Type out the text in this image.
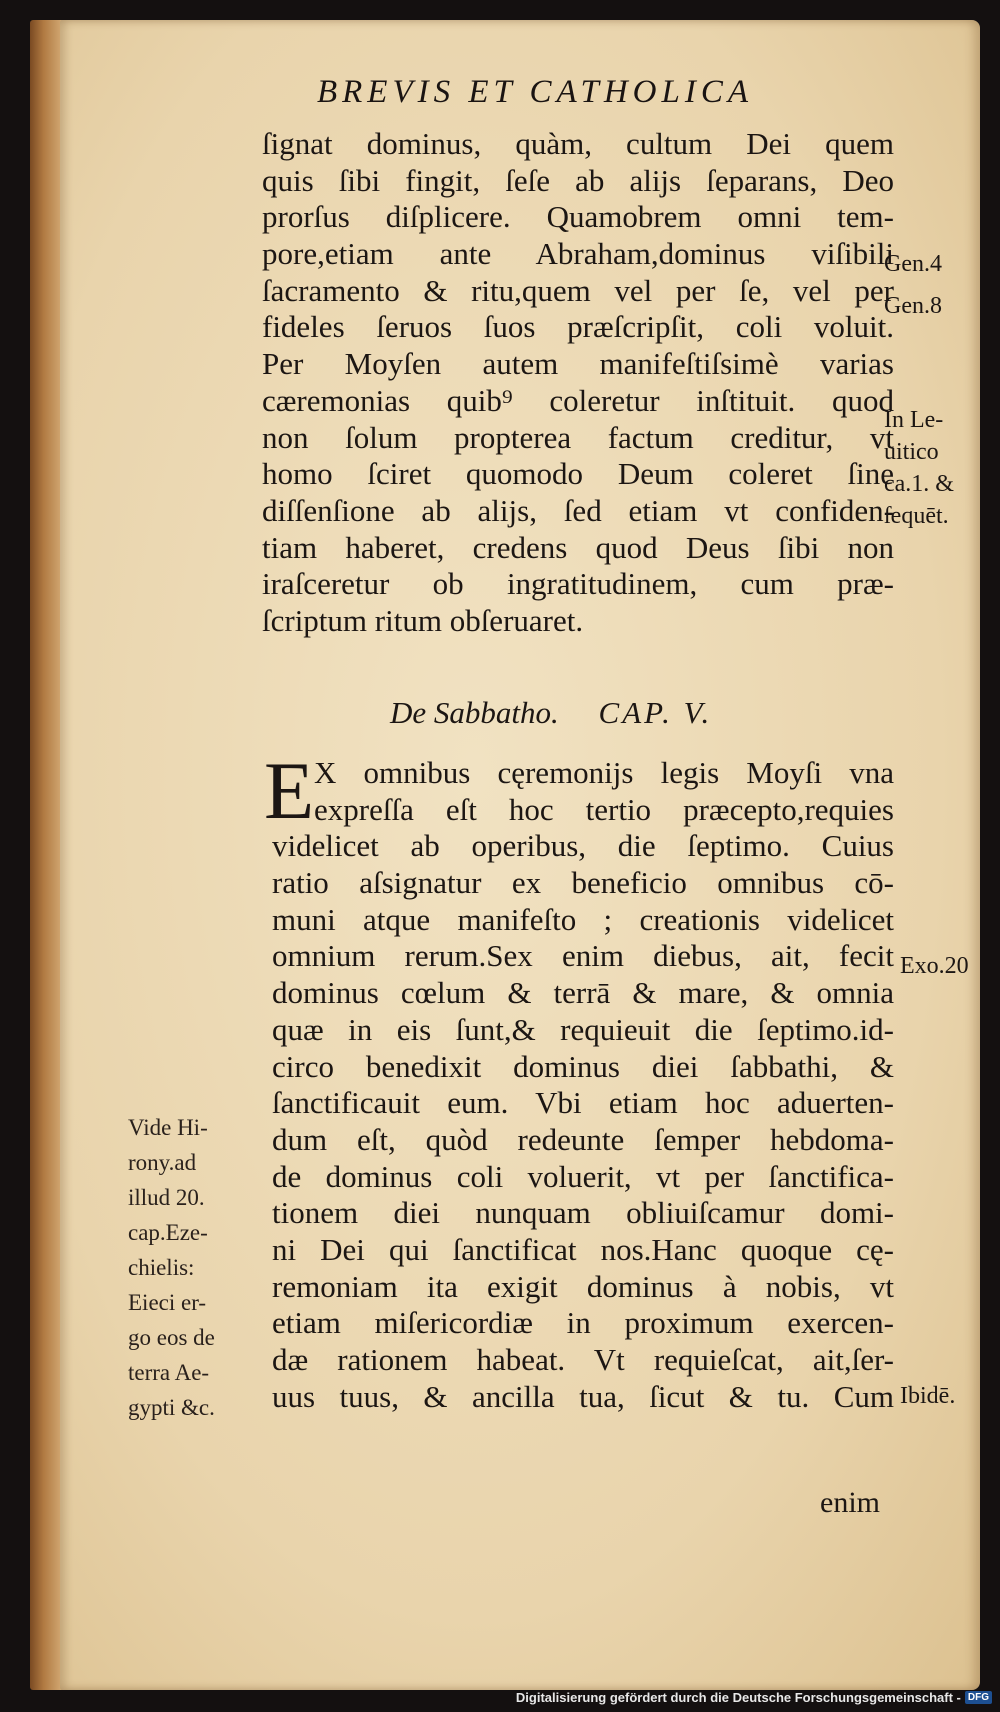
BREVIS ET CATHOLICA
ſignat dominus, quàm, cultum Dei quem
quis ſibi fingit, ſeſe ab alijs ſeparans, Deo
prorſus diſplicere. Quamobrem omni tem-
pore,etiam ante Abraham,dominus viſibili
ſacramento & ritu,quem vel per ſe, vel per
fideles ſeruos ſuos præſcripſit, coli voluit.
Per Moyſen autem manifeſtiſsimè varias
cæremonias quib⁹ coleretur inſtituit. quod
non ſolum propterea factum creditur, vt
homo ſciret quomodo Deum coleret ſine
diſſenſione ab alijs, ſed etiam vt confiden-
tiam haberet, credens quod Deus ſibi non
iraſceretur ob ingratitudinem, cum præ-
ſcriptum ritum obſeruaret.
De Sabbatho. CAP. V.
E X omnibus cęremonijs legis Moyſi vna
expreſſa eſt hoc tertio præcepto,requies
videlicet ab operibus, die ſeptimo. Cuius
ratio aſsignatur ex beneficio omnibus cō-
muni atque manifeſto ; creationis videlicet
omnium rerum.Sex enim diebus, ait, fecit
dominus cœlum & terrā & mare, & omnia
quæ in eis ſunt,& requieuit die ſeptimo.id-
circo benedixit dominus diei ſabbathi, &
ſanctificauit eum. Vbi etiam hoc aduerten-
dum eſt, quòd redeunte ſemper hebdoma-
de dominus coli voluerit, vt per ſanctifica-
tionem diei nunquam obliuiſcamur domi-
ni Dei qui ſanctificat nos.Hanc quoque cę-
remoniam ita exigit dominus à nobis, vt
etiam miſericordiæ in proximum exercen-
dæ rationem habeat. Vt requieſcat, ait,ſer-
uus tuus, & ancilla tua, ſicut & tu. Cum
enim
Gen.4
Gen.8
In Le-
uitico
ca.1. &
ſequēt.
Exo.20
Ibidē.
Vide Hi-
rony.ad
illud 20.
cap.Eze-
chielis:
Eieci er-
go eos de
terra Ae-
gypti &c.
Digitalisierung gefördert durch die Deutsche Forschungsgemeinschaft - DFG
